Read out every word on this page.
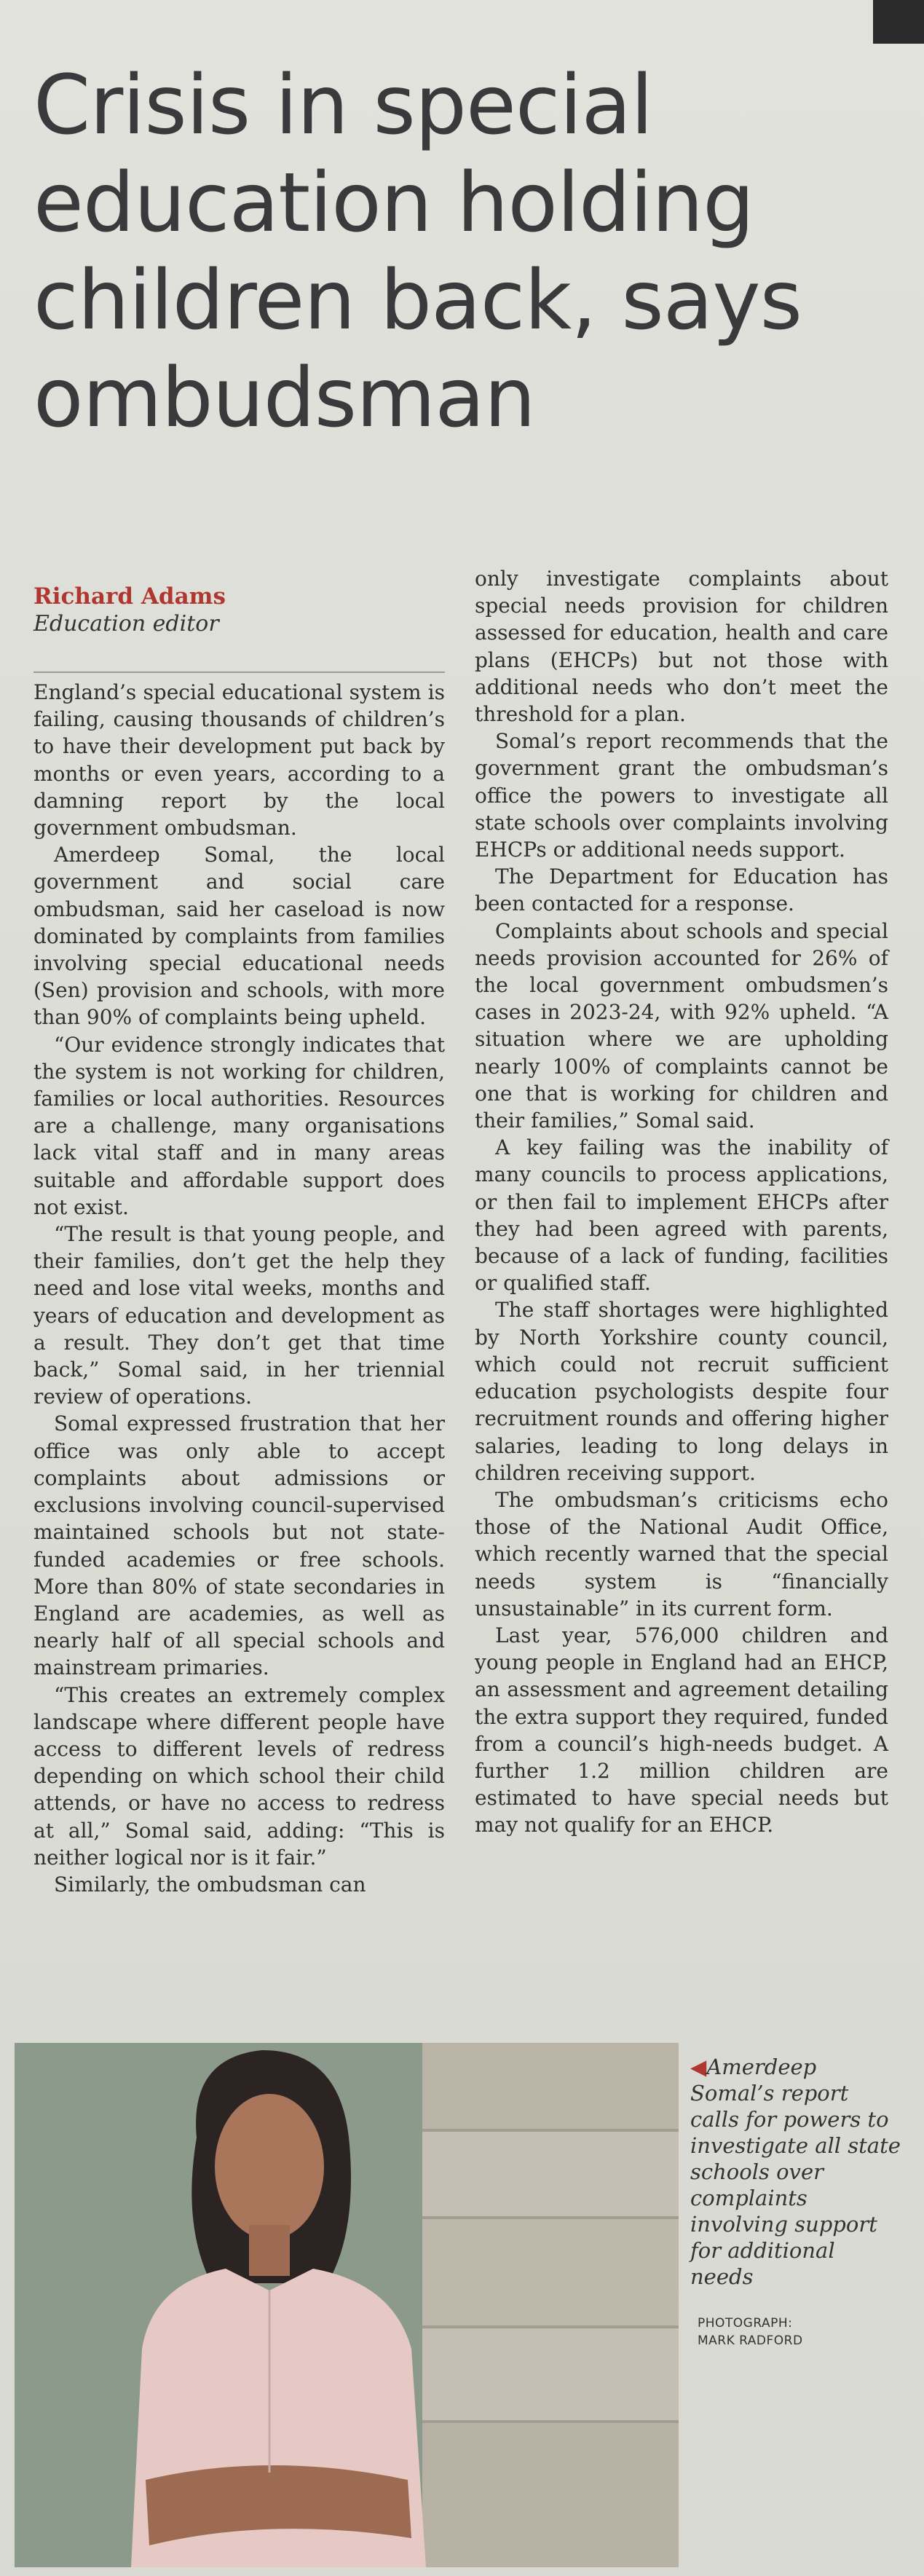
Crisis in special education holding children back, says ombudsman
Richard Adams
Education editor

England’s special educational system is failing, causing thousands of children’s to have their development put back by months or even years, according to a damning report by the local government ombudsman.

Amerdeep Somal, the local government and social care ombudsman, said her caseload is now dominated by complaints from families involving special educational needs (Sen) provision and schools, with more than 90% of complaints being upheld.

“Our evidence strongly indicates that the system is not working for children, families or local authorities. Resources are a challenge, many organisations lack vital staff and in many areas suitable and affordable support does not exist.

“The result is that young people, and their families, don’t get the help they need and lose vital weeks, months and years of education and development as a result. They don’t get that time back,” Somal said, in her triennial review of operations.

Somal expressed frustration that her office was only able to accept complaints about admissions or exclusions involving council-supervised maintained schools but not state-funded academies or free schools. More than 80% of state secondaries in England are academies, as well as nearly half of all special schools and mainstream primaries.

“This creates an extremely complex landscape where different people have access to different levels of redress depending on which school their child attends, or have no access to redress at all,” Somal said, adding: “This is neither logical nor is it fair.”

Similarly, the ombudsman can

only investigate complaints about special needs provision for children assessed for education, health and care plans (EHCPs) but not those with additional needs who don’t meet the threshold for a plan.

Somal’s report recommends that the government grant the ombudsman’s office the powers to investigate all state schools over complaints involving EHCPs or additional needs support.

The Department for Education has been contacted for a response.

Complaints about schools and special needs provision accounted for 26% of the local government ombudsmen’s cases in 2023-24, with 92% upheld. “A situation where we are upholding nearly 100% of complaints cannot be one that is working for children and their families,” Somal said.

A key failing was the inability of many councils to process applications, or then fail to implement EHCPs after they had been agreed with parents, because of a lack of funding, facilities or qualified staff.

The staff shortages were highlighted by North Yorkshire county council, which could not recruit sufficient education psychologists despite four recruitment rounds and offering higher salaries, leading to long delays in children receiving support.

The ombudsman’s criticisms echo those of the National Audit Office, which recently warned that the special needs system is “financially unsustainable” in its current form.

Last year, 576,000 children and young people in England had an EHCP, an assessment and agreement detailing the extra support they required, funded from a council’s high-needs budget. A further 1.2 million children are estimated to have special needs but may not qualify for an EHCP.

◀Amerdeep Somal’s report calls for powers to investigate all state schools over complaints involving support for additional needs
PHOTOGRAPH:
MARK RADFORD
